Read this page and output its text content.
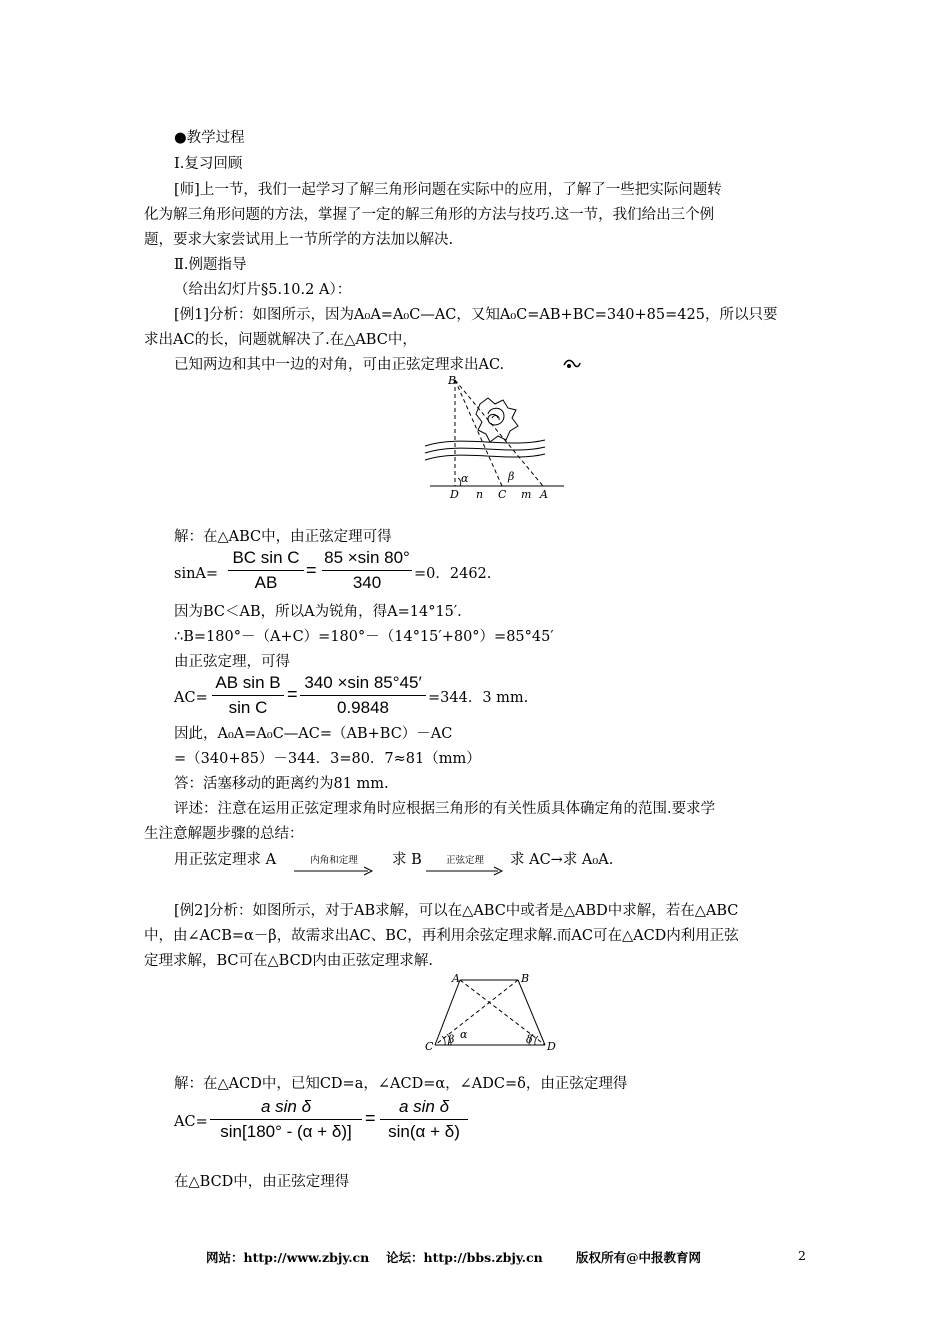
●教学过程
Ⅰ.复习回顾
[师]上一节，我们一起学习了解三角形问题在实际中的应用，了解了一些把实际问题转
化为解三角形问题的方法，掌握了一定的解三角形的方法与技巧.这一节，我们给出三个例
题，要求大家尝试用上一节所学的方法加以解决.
Ⅱ.例题指导
（给出幻灯片§5.10.2 A）：
[例1]分析：如图所示，因为A₀A=A₀C—AC，又知A₀C=AB+BC=340+85=425，所以只要
求出AC的长，问题就解决了.在△ABC中，
已知两边和其中一边的对角，可由正弦定理求出AC.
B
D n C m A
α	β
解：在△ABC中，由正弦定理可得
sinA=
BC sin C
AB
=
85 ×sin 80°
340	=0．2462.
因为BC＜AB，所以A为锐角，得A=14°15′.
∴B=180°－（A+C）=180°－（14°15′+80°）=85°45′
由正弦定理，可得
AC=
AB sin B
sin C
=
340 ×sin 85°45′
0.9848	=344．3 mm.
因此，A₀A=A₀C—AC=（AB+BC）－AC
=（340+85）－344．3=80．7≈81（mm）
答：活塞移动的距离约为81 mm.
评述：注意在运用正弦定理求角时应根据三角形的有关性质具体确定角的范围.要求学
生注意解题步骤的总结：
用正弦定理求 A	内角和定理	求 B	正弦定理	求 AC→求 A₀A.
[例2]分析：如图所示，对于AB求解，可以在△ABC中或者是△ABD中求解，若在△ABC
中，由∠ACB=α－β，故需求出AC、BC，再利用余弦定理求解.而AC可在△ACD内利用正弦
定理求解，BC可在△BCD内由正弦定理求解.
A	B
C	D
α
β	δ
解：在△ACD中，已知CD=a，∠ACD=α，∠ADC=δ，由正弦定理得
AC=
a sin δ
sin[180° - (α + δ)]
=
a sin δ
sin(α + δ)
在△BCD中，由正弦定理得
网站：http://www.zbjy.cn 论坛：http://bbs.zbjy.cn	版权所有@中报教育网	2
